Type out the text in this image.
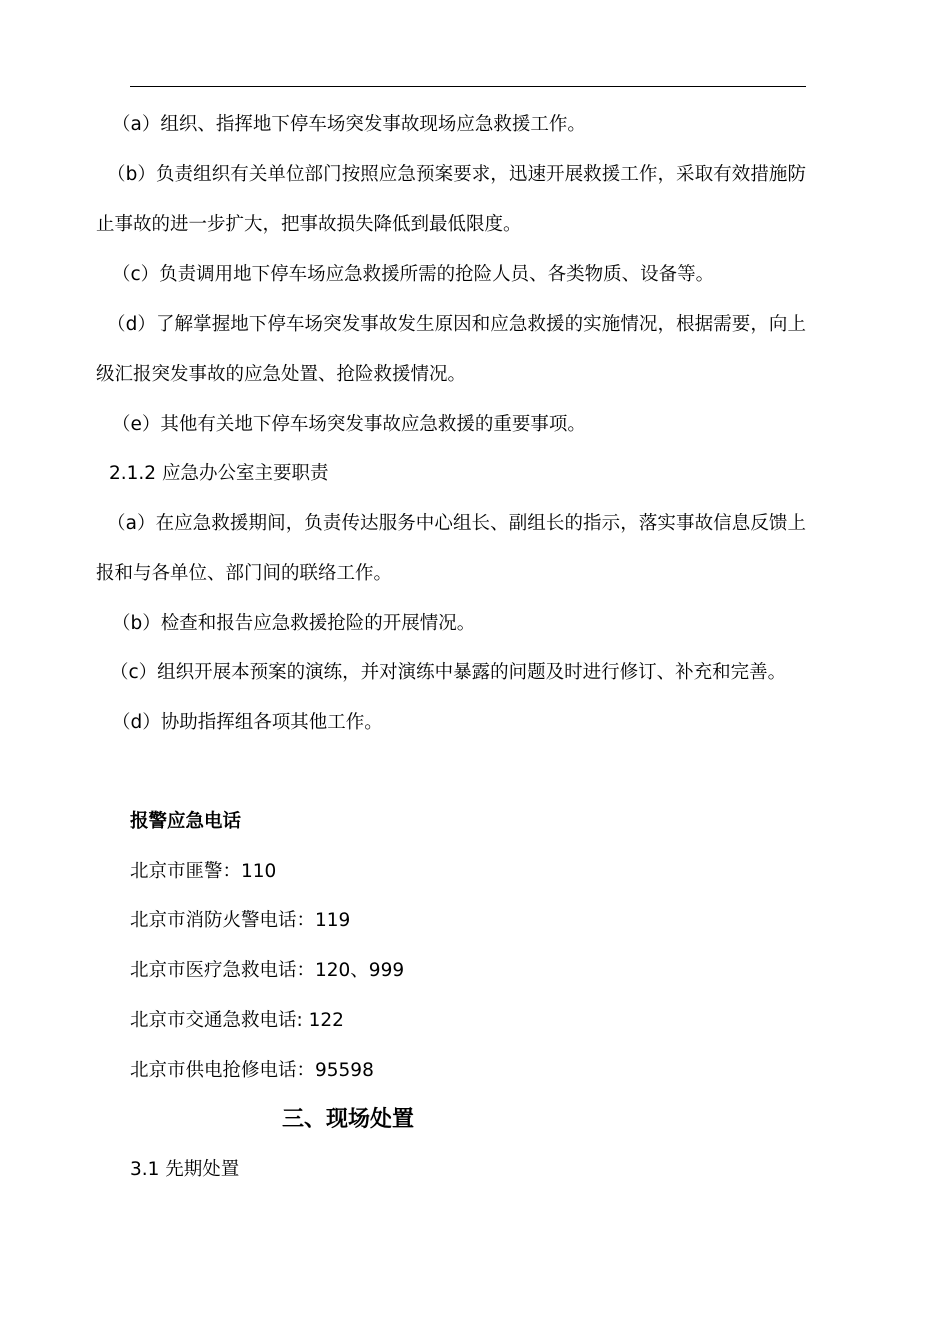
（a）组织、指挥地下停车场突发事故现场应急救援工作。
（b）负责组织有关单位部门按照应急预案要求，迅速开展救援工作，采取有效措施防
止事故的进一步扩大，把事故损失降低到最低限度。
（c）负责调用地下停车场应急救援所需的抢险人员、各类物质、设备等。
（d）了解掌握地下停车场突发事故发生原因和应急救援的实施情况，根据需要，向上
级汇报突发事故的应急处置、抢险救援情况。
（e）其他有关地下停车场突发事故应急救援的重要事项。
2.1.2 应急办公室主要职责
（a）在应急救援期间，负责传达服务中心组长、副组长的指示，落实事故信息反馈上
报和与各单位、部门间的联络工作。
（b）检查和报告应急救援抢险的开展情况。
（c）组织开展本预案的演练，并对演练中暴露的问题及时进行修订、补充和完善。
（d）协助指挥组各项其他工作。
报警应急电话
北京市匪警：110
北京市消防火警电话：119
北京市医疗急救电话：120、999
北京市交通急救电话: 122
北京市供电抢修电话：95598
三、现场处置
3.1 先期处置
